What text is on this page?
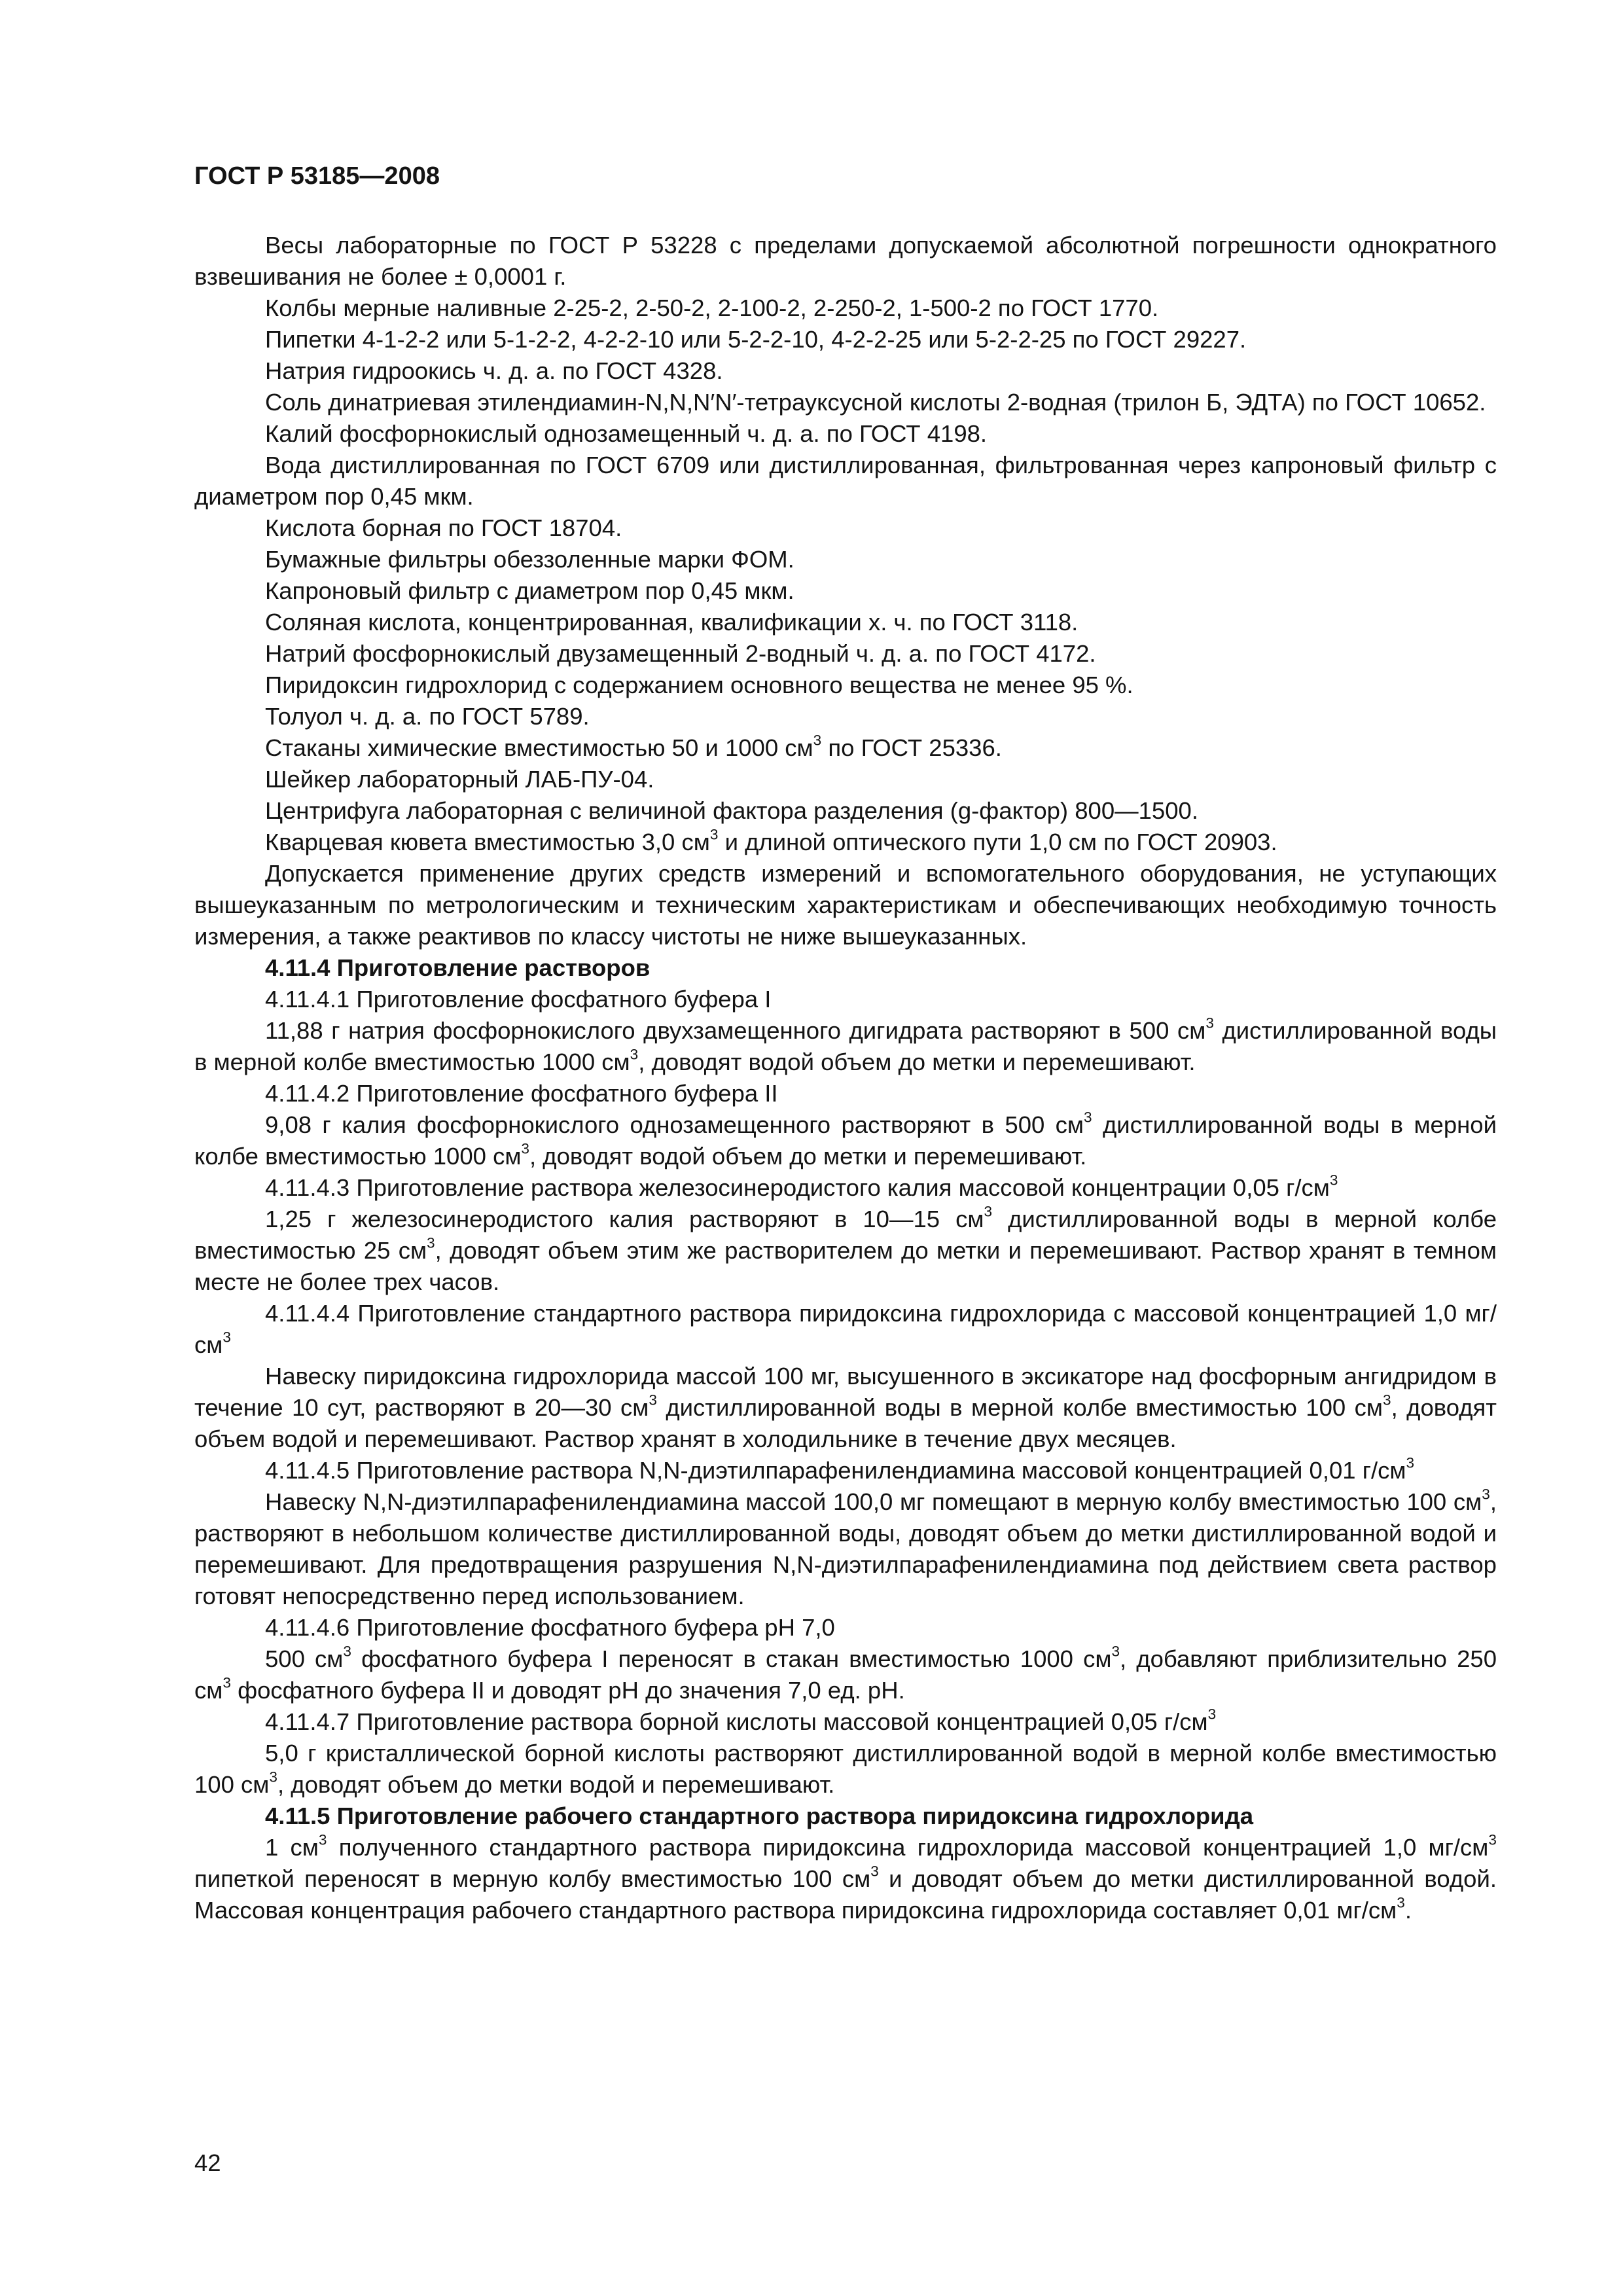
ГОСТ Р 53185—2008

Весы лабораторные по ГОСТ Р 53228 с пределами допускаемой абсолютной погрешности однократного взвешивания не более ± 0,0001 г.

Колбы мерные наливные 2-25-2, 2-50-2, 2-100-2, 2-250-2, 1-500-2 по ГОСТ 1770.

Пипетки 4-1-2-2 или 5-1-2-2, 4-2-2-10 или 5-2-2-10, 4-2-2-25 или 5-2-2-25 по ГОСТ 29227.

Натрия гидроокись ч. д. а. по ГОСТ 4328.

Соль динатриевая этилендиамин-N,N,N′N′-тетрауксусной кислоты 2-водная (трилон Б, ЭДТА) по ГОСТ 10652.

Калий фосфорнокислый однозамещенный ч. д. а. по ГОСТ 4198.

Вода дистиллированная по ГОСТ 6709 или дистиллированная, фильтрованная через капроновый фильтр с диаметром пор 0,45 мкм.

Кислота борная по ГОСТ 18704.

Бумажные фильтры обеззоленные марки ФОМ.

Капроновый фильтр с диаметром пор 0,45 мкм.

Соляная кислота, концентрированная, квалификации х. ч. по ГОСТ 3118.

Натрий фосфорнокислый двузамещенный 2-водный ч. д. а. по ГОСТ 4172.

Пиридоксин гидрохлорид с содержанием основного вещества не менее 95 %.

Толуол ч. д. а. по ГОСТ 5789.

Стаканы химические вместимостью 50 и 1000 $см^3$ по ГОСТ 25336.

Шейкер лабораторный ЛАБ-ПУ-04.

Центрифуга лабораторная с величиной фактора разделения (g-фактор) 800—1500.

Кварцевая кювета вместимостью 3,0 $см^3$ и длиной оптического пути 1,0 см по ГОСТ 20903.

Допускается применение других средств измерений и вспомогательного оборудования, не уступающих вышеуказанным по метрологическим и техническим характеристикам и обеспечивающих необходимую точность измерения, а также реактивов по классу чистоты не ниже вышеуказанных.

4.11.4 Приготовление растворов

4.11.4.1 Приготовление фосфатного буфера I

11,88 г натрия фосфорнокислого двухзамещенного дигидрата растворяют в 500 $см^3$ дистиллированной воды в мерной колбе вместимостью 1000 $см^3$, доводят водой объем до метки и перемешивают.

4.11.4.2 Приготовление фосфатного буфера II

9,08 г калия фосфорнокислого однозамещенного растворяют в 500 $см^3$ дистиллированной воды в мерной колбе вместимостью 1000 $см^3$, доводят водой объем до метки и перемешивают.

4.11.4.3 Приготовление раствора железосинеродистого калия массовой концентрации 0,05 $г/см^3$

1,25 г железосинеродистого калия растворяют в 10—15 $см^3$ дистиллированной воды в мерной колбе вместимостью 25 $см^3$, доводят объем этим же растворителем до метки и перемешивают. Раствор хранят в темном месте не более трех часов.

4.11.4.4 Приготовление стандартного раствора пиридоксина гидрохлорида с массовой концентрацией 1,0 $мг/см^3$

Навеску пиридоксина гидрохлорида массой 100 мг, высушенного в эксикаторе над фосфорным ангидридом в течение 10 сут, растворяют в 20—30 $см^3$ дистиллированной воды в мерной колбе вместимостью 100 $см^3$, доводят объем водой и перемешивают. Раствор хранят в холодильнике в течение двух месяцев.

4.11.4.5 Приготовление раствора N,N-диэтилпарафенилендиамина массовой концентрацией 0,01 $г/см^3$

Навеску N,N-диэтилпарафенилендиамина массой 100,0 мг помещают в мерную колбу вместимостью 100 $см^3$, растворяют в небольшом количестве дистиллированной воды, доводят объем до метки дистиллированной водой и перемешивают. Для предотвращения разрушения N,N-диэтилпарафенилендиамина под действием света раствор готовят непосредственно перед использованием.

4.11.4.6 Приготовление фосфатного буфера pH 7,0

500 $см^3$ фосфатного буфера I переносят в стакан вместимостью 1000 $см^3$, добавляют приблизительно 250 $см^3$ фосфатного буфера II и доводят pH до значения 7,0 ед. pH.

4.11.4.7 Приготовление раствора борной кислоты массовой концентрацией 0,05 $г/см^3$

5,0 г кристаллической борной кислоты растворяют дистиллированной водой в мерной колбе вместимостью 100 $см^3$, доводят объем до метки водой и перемешивают.

4.11.5 Приготовление рабочего стандартного раствора пиридоксина гидрохлорида

1 $см^3$ полученного стандартного раствора пиридоксина гидрохлорида массовой концентрацией 1,0 $мг/см^3$ пипеткой переносят в мерную колбу вместимостью 100 $см^3$ и доводят объем до метки дистиллированной водой. Массовая концентрация рабочего стандартного раствора пиридоксина гидрохлорида составляет 0,01 $мг/см^3$.

42
